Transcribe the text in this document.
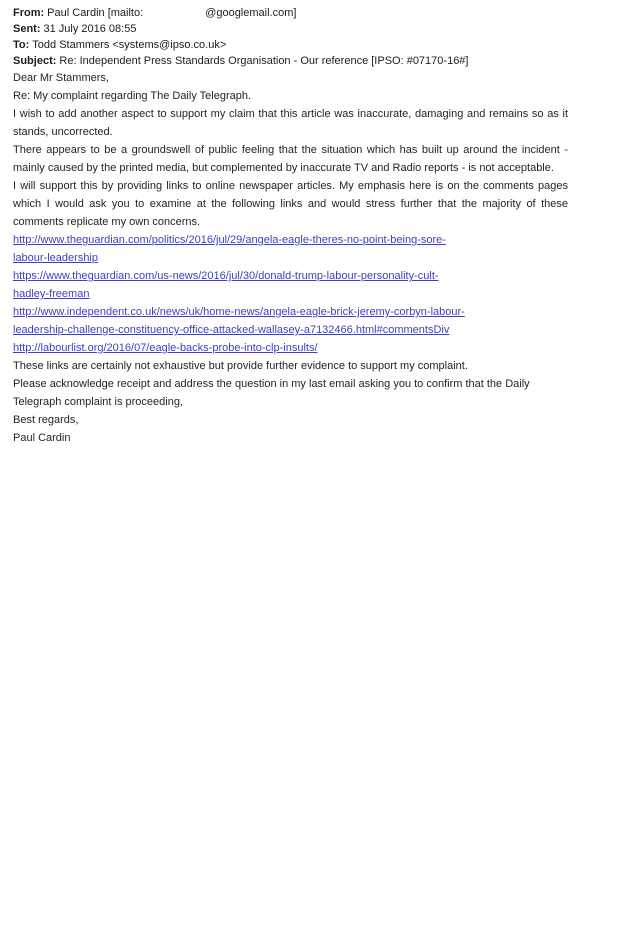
From: Paul Cardin [mailto:	@googlemail.com]
Sent: 31 July 2016 08:55
To: Todd Stammers <systems@ipso.co.uk>
Subject: Re: Independent Press Standards Organisation - Our reference [IPSO: #07170-16#]

Dear Mr Stammers,

Re: My complaint regarding The Daily Telegraph.

I wish to add another aspect to support my claim that this article was inaccurate, damaging and remains so as it stands, uncorrected.

There appears to be a groundswell of public feeling that the situation which has built up around the incident - mainly caused by the printed media, but complemented by inaccurate TV and Radio reports - is not acceptable.

I will support this by providing links to online newspaper articles. My emphasis here is on the comments pages which I would ask you to examine at the following links and would stress further that the majority of these comments replicate my own concerns.

http://www.theguardian.com/politics/2016/jul/29/angela-eagle-theres-no-point-being-sore-labour-leadership

https://www.theguardian.com/us-news/2016/jul/30/donald-trump-labour-personality-cult-hadley-freeman

http://www.independent.co.uk/news/uk/home-news/angela-eagle-brick-jeremy-corbyn-labour-leadership-challenge-constituency-office-attacked-wallasey-a7132466.html#commentsDiv

http://labourlist.org/2016/07/eagle-backs-probe-into-clp-insults/

These links are certainly not exhaustive but provide further evidence to support my complaint.

Please acknowledge receipt and address the question in my last email asking you to confirm that the Daily Telegraph complaint is proceeding,

Best regards,

Paul Cardin
